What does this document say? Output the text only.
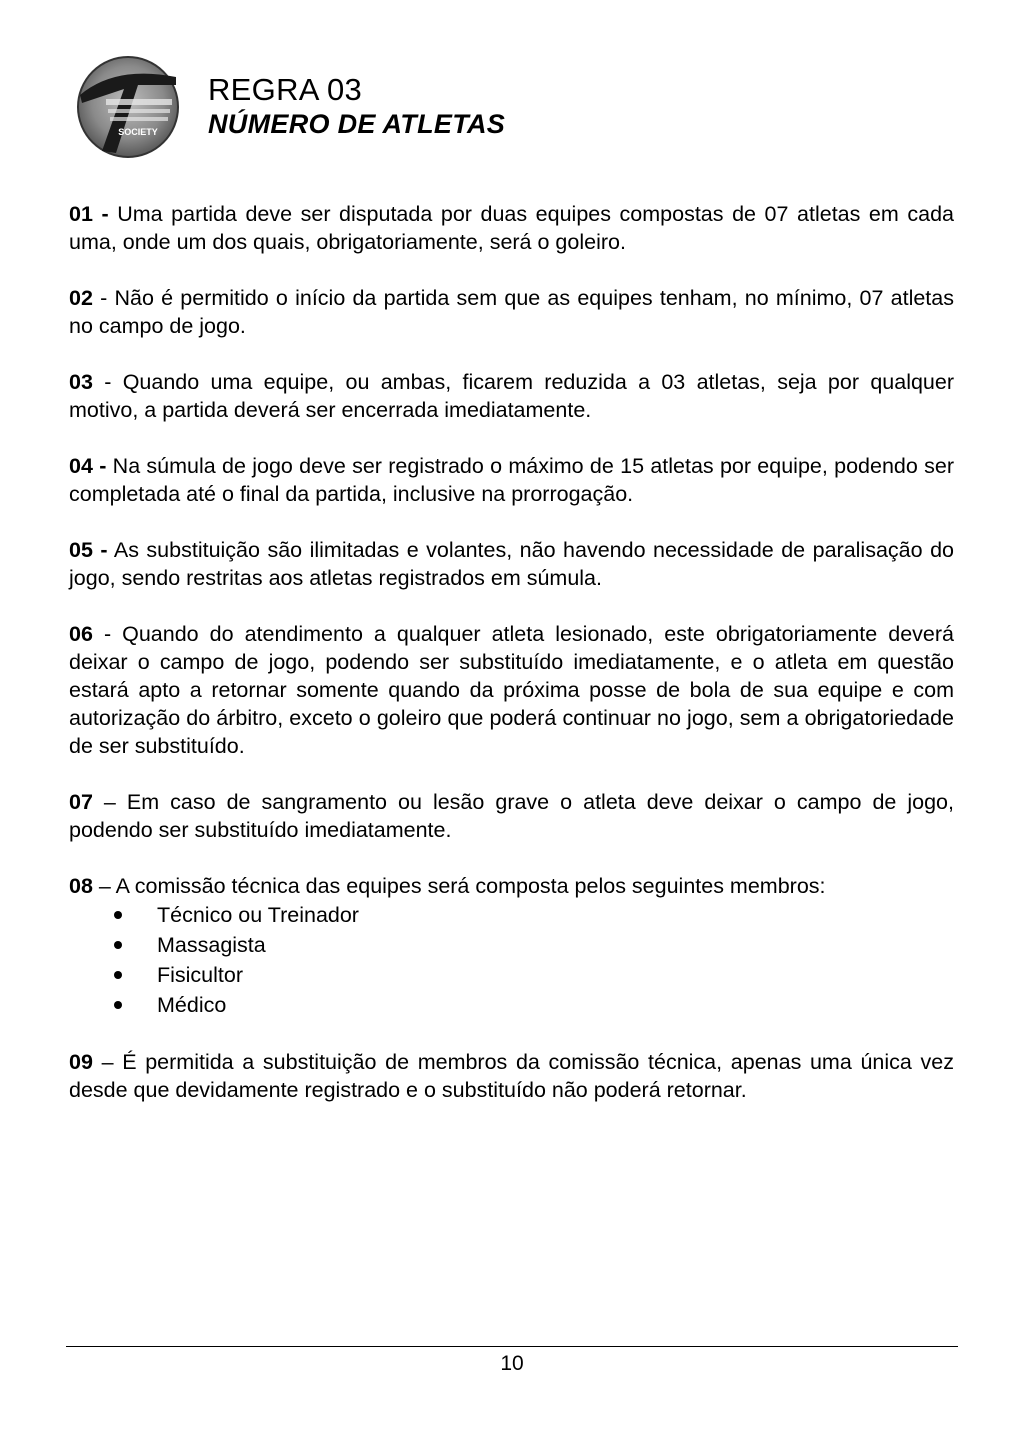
SOCIETY
REGRA 03
NÚMERO DE ATLETAS

01 - Uma partida deve ser disputada por duas equipes compostas de 07 atletas em cada uma, onde um dos quais, obrigatoriamente, será o goleiro.

02 - Não é permitido o início da partida sem que as equipes tenham, no mínimo, 07 atletas no campo de jogo.

03 - Quando uma equipe, ou ambas, ficarem reduzida a 03 atletas, seja por qualquer motivo, a partida deverá ser encerrada imediatamente.

04 - Na súmula de jogo deve ser registrado o máximo de 15 atletas por equipe, podendo ser completada até o final da partida, inclusive na prorrogação.

05 - As substituição são ilimitadas e volantes, não havendo necessidade de paralisação do jogo, sendo restritas aos atletas registrados em súmula.

06 - Quando do atendimento a qualquer atleta lesionado, este obrigatoriamente deverá deixar o campo de jogo, podendo ser substituído imediatamente, e o atleta em questão estará apto a retornar somente quando da próxima posse de bola de sua equipe e com autorização do árbitro, exceto o goleiro que poderá continuar no jogo, sem a obrigatoriedade de ser substituído.

07 – Em caso de sangramento ou lesão grave o atleta deve deixar o campo de jogo, podendo ser substituído imediatamente.

08 – A comissão técnica das equipes será composta pelos seguintes membros:

Técnico ou Treinador
Massagista
Fisicultor
Médico

09 – É permitida a substituição de membros da comissão técnica, apenas uma única vez desde que devidamente registrado e o substituído não poderá retornar.

10
